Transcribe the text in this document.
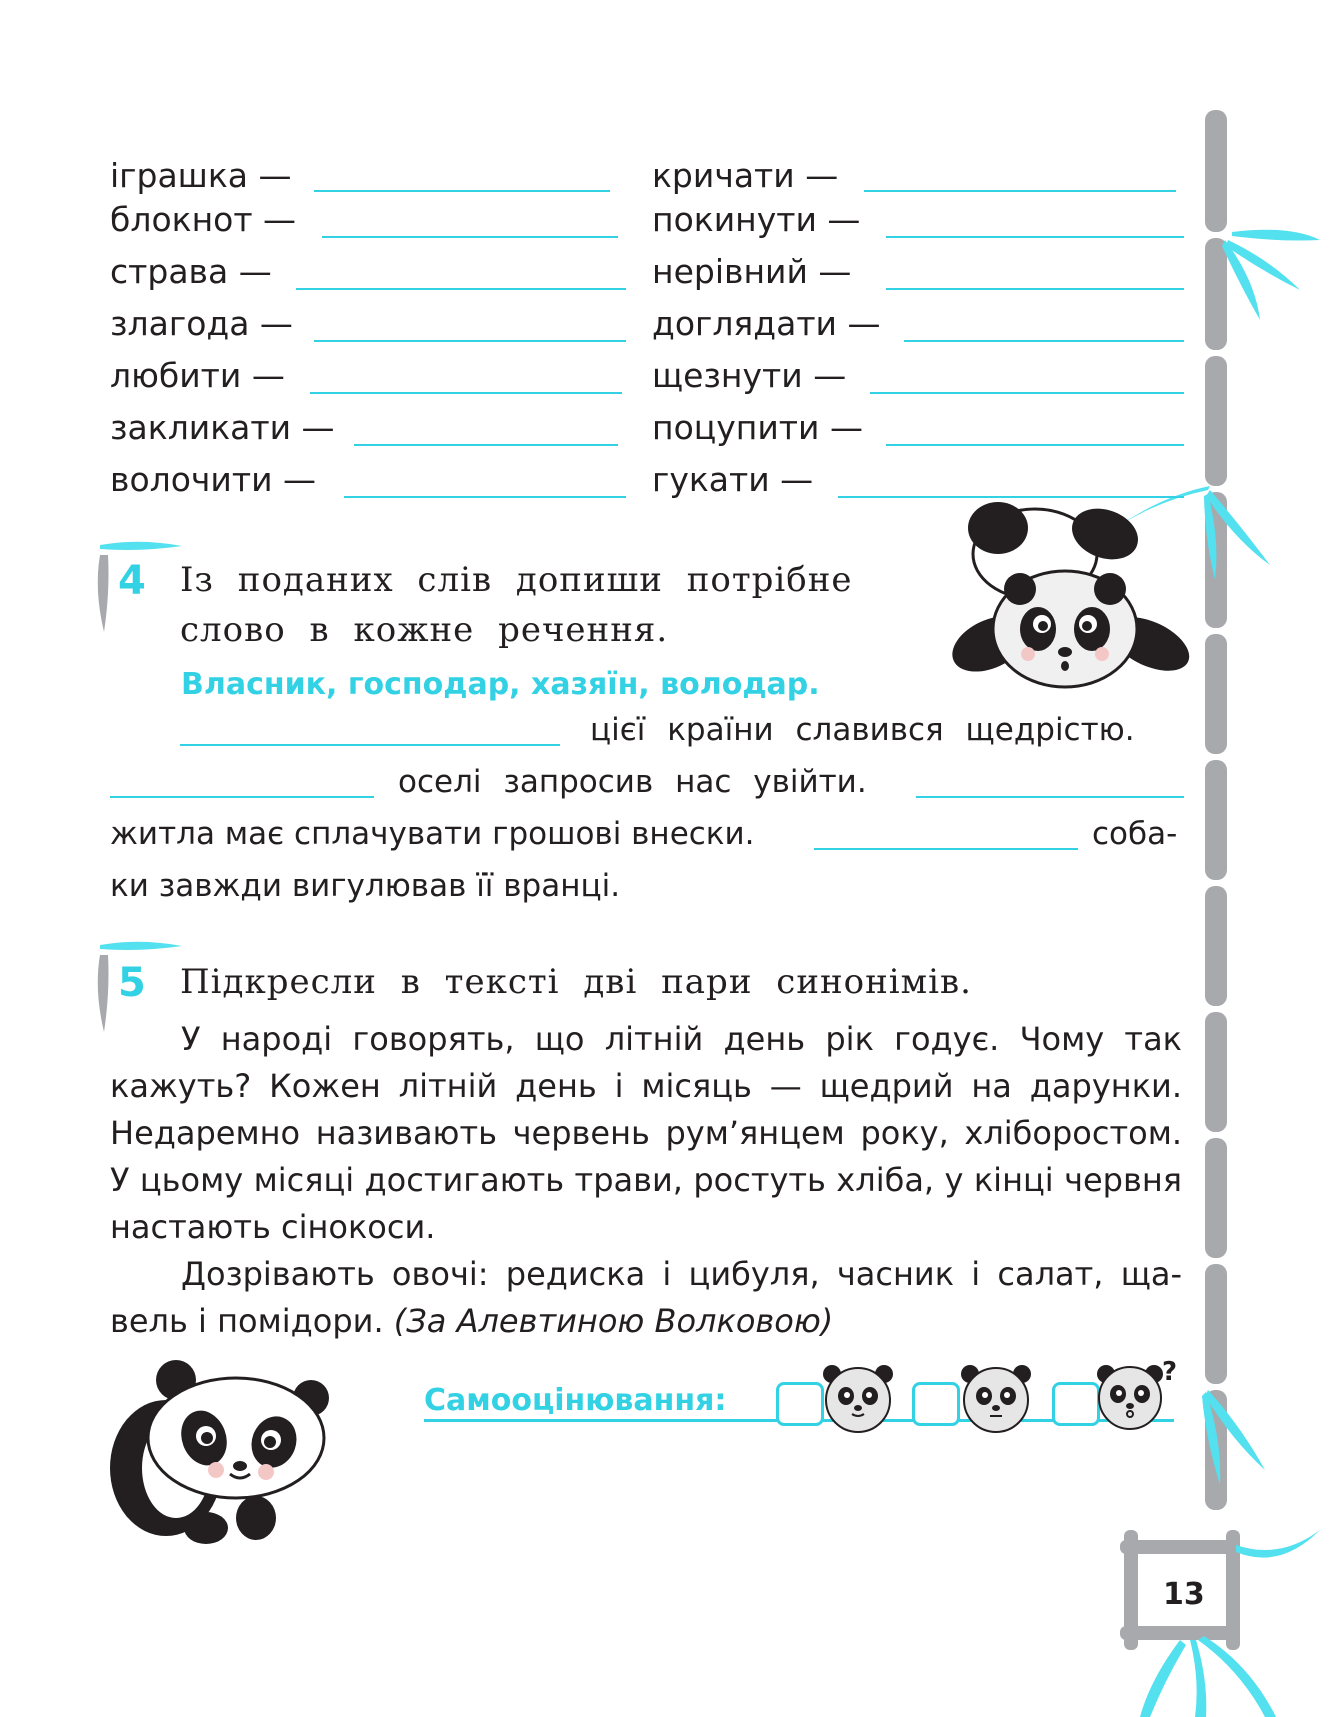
іграшка —
блокнот —
страва —
злагода —
любити —
закликати —
волочити —
кричати —
покинути —
нерівний —
доглядати —
щезнути —
поцупити —
гукати —
4 Із поданих слів допиши потрібне
слово в кожне речення.
Власник, господар, хазяїн, володар.
цієї країни славився щедрістю.
оселі запросив нас увійти.
житла має сплачувати грошові внески.	соба-
ки завжди вигулював її вранці.
5 Підкресли в тексті дві пари синонімів.

У народі говорять, що літній день рік годує. Чому так кажуть? Кожен літній день і місяць — щедрий на дарунки. Недаремно називають червень рум’янцем року, хліборостом. У цьому місяці достигають трави, ростуть хліба, у кінці червня настають сінокоси.

Дозрівають овочі: редиска і цибуля, часник і салат, щавель і помідори. (За Алевтиною Волковою)

Самооцінювання:
?
13
